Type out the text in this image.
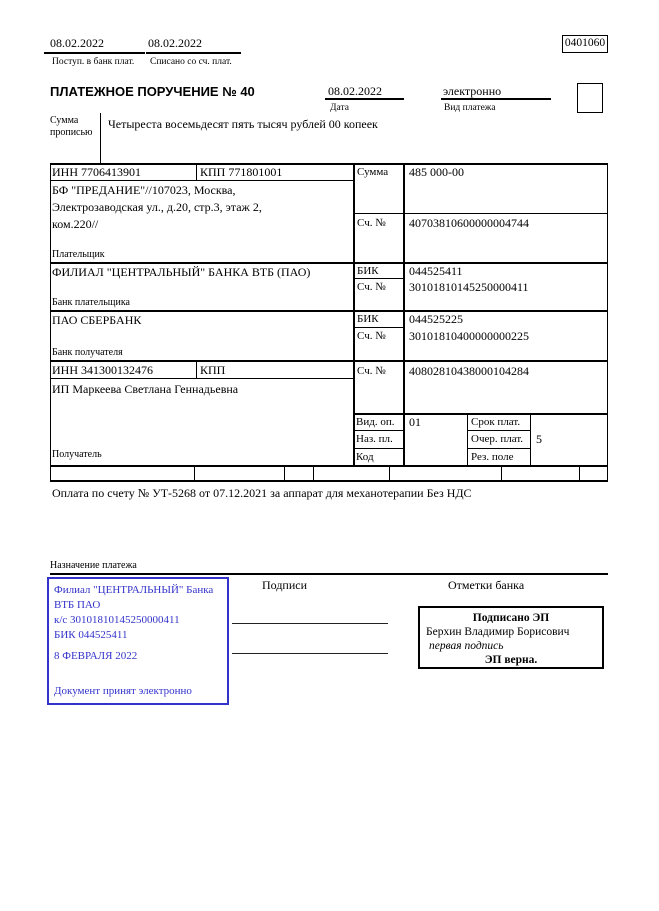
08.02.2022
Поступ. в банк плат.
08.02.2022
Списано со сч. плат.
0401060
ПЛАТЕЖНОЕ ПОРУЧЕНИЕ № 40	08.02.2022
Дата
электронно
Вид платежа
Сумма прописью
Четыреста восемьдесят пять тысяч рублей 00 копеек
ИНН 7706413901	КПП 771801001	Сумма 485 000-00
БФ "ПРЕДАНИЕ"//107023, Москва, Электрозаводская ул., д.20, стр.3, этаж 2, ком.220//	Сч. № 40703810600000004744
Плательщик
ФИЛИАЛ "ЦЕНТРАЛЬНЫЙ" БАНКА ВТБ (ПАО)	БИК	044525411
Сч. № 30101810145250000411
Банк плательщика
ПАО СБЕРБАНК	БИК	044525225
Сч. № 30101810400000000225
Банк получателя
ИНН 341300132476	КПП	Сч. № 40802810438000104284
ИП Маркеева Светлана Геннадьевна
Получатель
Вид. оп. 01	Срок плат.
Наз. пл.	Очер. плат. 5
Код	Рез. поле
Оплата по счету № УТ-5268 от 07.12.2021 за аппарат для механотерапии Без НДС
Назначение платежа
Филиал "ЦЕНТРАЛЬНЫЙ" Банка
ВТБ ПАО
к/с 30101810145250000411
БИК 044525411
8 ФЕВРАЛЯ 2022
Документ принят электронно
Подписи	Отметки банка
Подписано ЭП
Берхин Владимир Борисович
первая подпись
ЭП верна.
